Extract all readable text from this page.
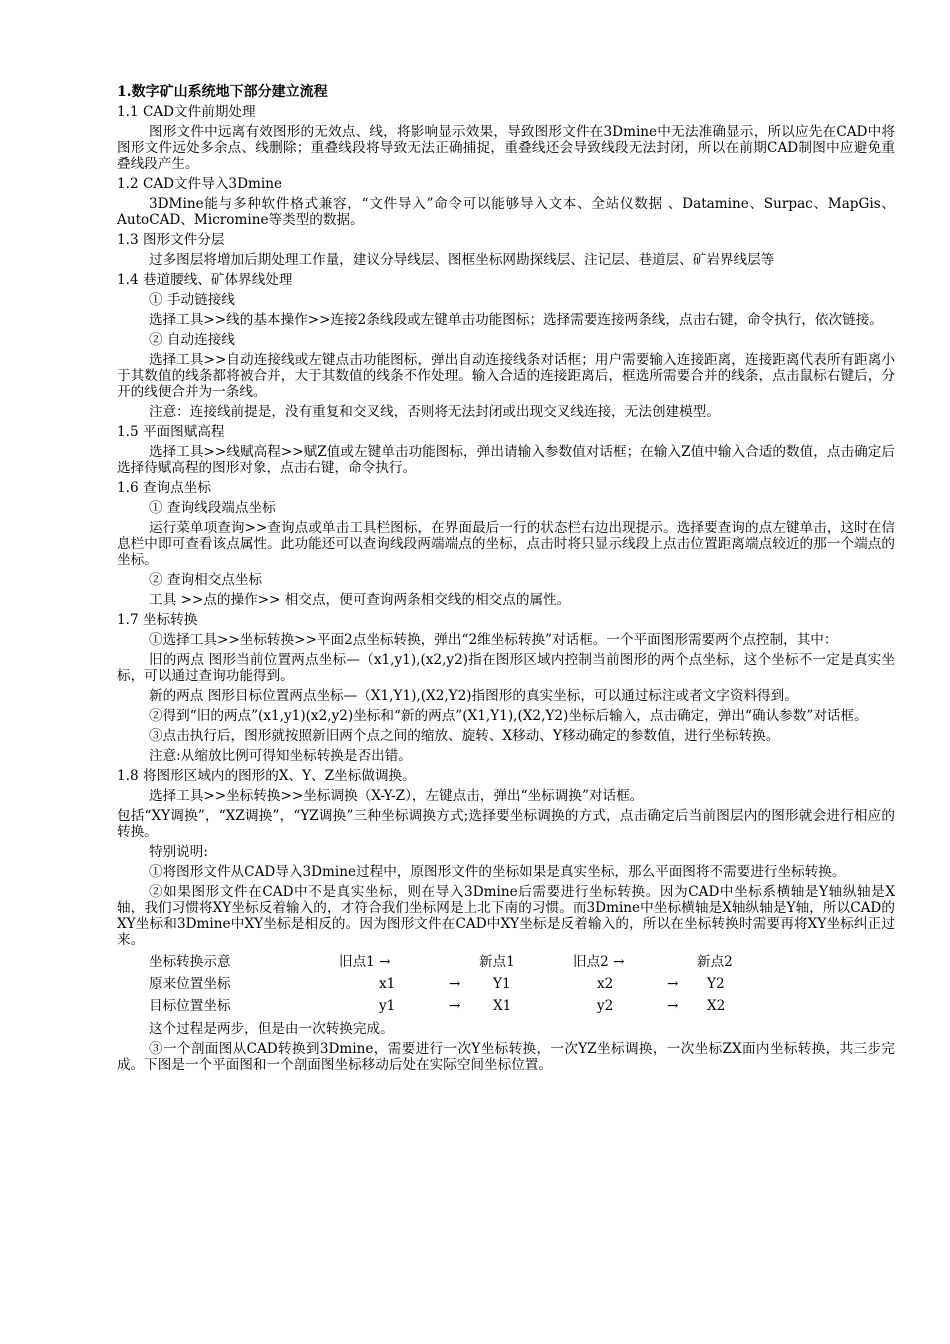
1.数字矿山系统地下部分建立流程
1.1 CAD文件前期处理
图形文件中远离有效图形的无效点、线，将影响显示效果，导致图形文件在3Dmine中无法准确显示，所以应先在CAD中将图形文件远处多余点、线删除；重叠线段将导致无法正确捕捉，重叠线还会导致线段无法封闭，所以在前期CAD制图中应避免重叠线段产生。
1.2 CAD文件导入3Dmine
3DMine能与多种软件格式兼容，“文件导入”命令可以能够导入文本、全站仪数据 、Datamine、Surpac、MapGis、 AutoCAD、Micromine等类型的数据。
1.3 图形文件分层
过多图层将增加后期处理工作量，建议分导线层、图框坐标网勘探线层、注记层、巷道层、矿岩界线层等
1.4 巷道腰线、矿体界线处理
① 手动链接线
选择工具>>线的基本操作>>连接2条线段或左键单击功能图标；选择需要连接两条线，点击右键，命令执行，依次链接。
② 自动连接线
选择工具>>自动连接线或左键点击功能图标，弹出自动连接线条对话框；用户需要输入连接距离，连接距离代表所有距离小于其数值的线条都将被合并，大于其数值的线条不作处理。输入合适的连接距离后，框选所需要合并的线条，点击鼠标右键后，分开的线便合并为一条线。
注意：连接线前提是，没有重复和交叉线，否则将无法封闭或出现交叉线连接，无法创建模型。
1.5 平面图赋高程
选择工具>>线赋高程>>赋Z值或左键单击功能图标，弹出请输入参数值对话框；在输入Z值中输入合适的数值，点击确定后选择待赋高程的图形对象，点击右键，命令执行。
1.6 查询点坐标
① 查询线段端点坐标
运行菜单项查询>>查询点或单击工具栏图标，在界面最后一行的状态栏右边出现提示。选择要查询的点左键单击，这时在信息栏中即可查看该点属性。此功能还可以查询线段两端端点的坐标，点击时将只显示线段上点击位置距离端点较近的那一个端点的坐标。
② 查询相交点坐标
工具 >>点的操作>> 相交点，便可查询两条相交线的相交点的属性。
1.7 坐标转换
①选择工具>>坐标转换>>平面2点坐标转换，弹出“2维坐标转换”对话框。一个平面图形需要两个点控制，其中：
旧的两点 图形当前位置两点坐标—（x1,y1),(x2,y2)指在图形区域内控制当前图形的两个点坐标，这个坐标不一定是真实坐标，可以通过查询功能得到。
新的两点 图形目标位置两点坐标—（X1,Y1),(X2,Y2)指图形的真实坐标，可以通过标注或者文字资料得到。
②得到“旧的两点”(x1,y1)(x2,y2)坐标和“新的两点”(X1,Y1),(X2,Y2)坐标后输入，点击确定，弹出“确认参数”对话框。
③点击执行后，图形就按照新旧两个点之间的缩放、旋转、X移动、Y移动确定的参数值，进行坐标转换。
注意:从缩放比例可得知坐标转换是否出错。
1.8 将图形区域内的图形的X、Y、Z坐标做调换。
选择工具>>坐标转换>>坐标调换（X-Y-Z），左键点击，弹出“坐标调换”对话框。
包括“XY调换”，“XZ调换”，“YZ调换”三种坐标调换方式;选择要坐标调换的方式，点击确定后当前图层内的图形就会进行相应的转换。
特别说明:
①将图形文件从CAD导入3Dmine过程中，原图形文件的坐标如果是真实坐标，那么平面图将不需要进行坐标转换。
②如果图形文件在CAD中不是真实坐标，则在导入3Dmine后需要进行坐标转换。因为CAD中坐标系横轴是Y轴纵轴是X轴，我们习惯将XY坐标反着输入的，才符合我们坐标网是上北下南的习惯。而3Dmine中坐标横轴是X轴纵轴是Y轴，所以CAD的XY坐标和3Dmine中XY坐标是相反的。因为图形文件在CAD中XY坐标是反着输入的，所以在坐标转换时需要再将XY坐标纠正过来。
坐标转换示意	旧点1 →		新点1	旧点2 →		新点2
原来位置坐标	x1	→	Y1	x2	→	Y2
目标位置坐标	y1	→	X1	y2	→	X2
这个过程是两步，但是由一次转换完成。
③一个剖面图从CAD转换到3Dmine，需要进行一次Y坐标转换，一次YZ坐标调换，一次坐标ZX面内坐标转换，共三步完成。下图是一个平面图和一个剖面图坐标移动后处在实际空间坐标位置。
